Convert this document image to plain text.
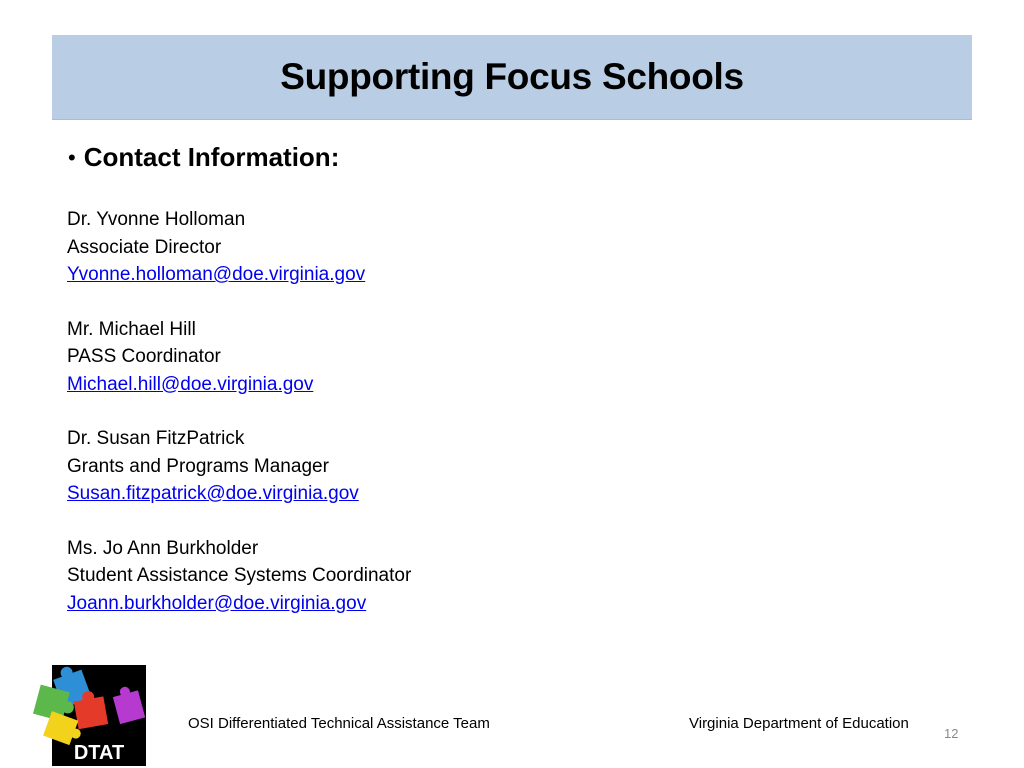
Supporting Focus Schools
• Contact Information:
Dr. Yvonne Holloman
Associate Director
Yvonne.holloman@doe.virginia.gov
Mr. Michael Hill
PASS Coordinator
Michael.hill@doe.virginia.gov
Dr. Susan FitzPatrick
Grants and Programs Manager
Susan.fitzpatrick@doe.virginia.gov
Ms. Jo Ann Burkholder
Student Assistance Systems Coordinator
Joann.burkholder@doe.virginia.gov
DTAT
OSI Differentiated Technical Assistance Team	Virginia Department of Education
12
